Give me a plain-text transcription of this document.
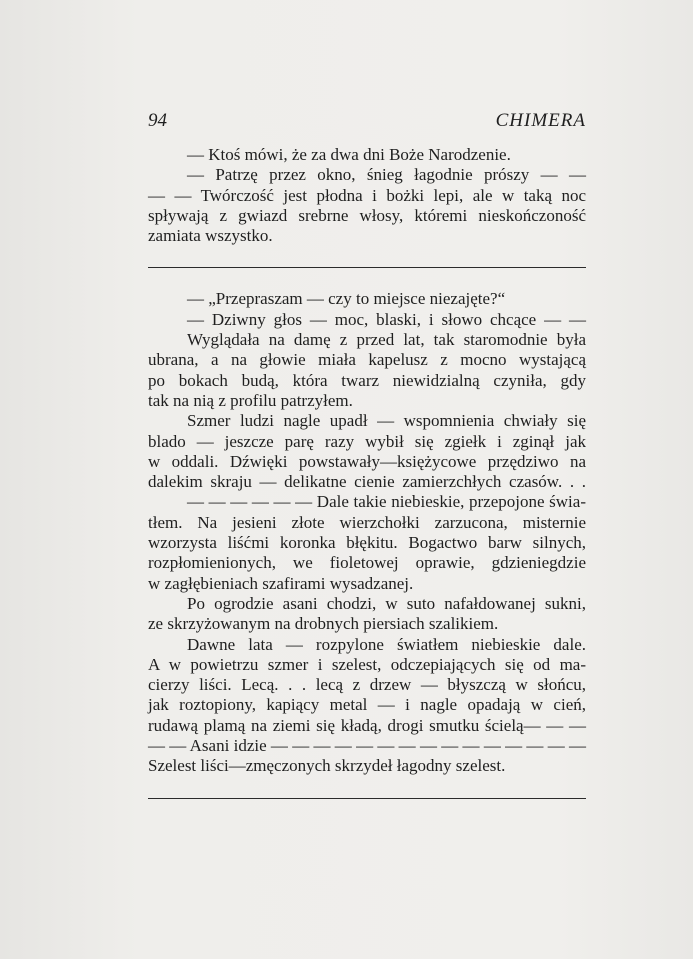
94	CHIMERA
— Ktoś mówi, że za dwa dni Boże Narodzenie.
— Patrzę przez okno, śnieg łagodnie prószy — —
— — Twórczość jest płodna i bożki lepi, ale w taką noc
spływają z gwiazd srebrne włosy, któremi nieskończoność
zamiata wszystko.
— „Przepraszam — czy to miejsce niezajęte?“
— Dziwny głos — moc, blaski, i słowo chcące — —
Wyglądała na damę z przed lat, tak staromodnie była
ubrana, a na głowie miała kapelusz z mocno wystającą
po bokach budą, która twarz niewidzialną czyniła, gdy
tak na nią z profilu patrzyłem.
Szmer ludzi nagle upadł — wspomnienia chwiały się
blado — jeszcze parę razy wybił się zgiełk i zginął jak
w oddali. Dźwięki powstawały—księżycowe przędziwo na
dalekim skraju — delikatne cienie zamierzchłych czasów. . .
— — — — — — Dale takie niebieskie, przepojone świa-
tłem. Na jesieni złote wierzchołki zarzucona, misternie
wzorzysta liśćmi koronka błękitu. Bogactwo barw silnych,
rozpłomienionych, we fioletowej oprawie, gdzieniegdzie
w zagłębieniach szafirami wysadzanej.
Po ogrodzie asani chodzi, w suto nafałdowanej sukni,
ze skrzyżowanym na drobnych piersiach szalikiem.
Dawne lata — rozpylone światłem niebieskie dale.
A w powietrzu szmer i szelest, odczepiających się od ma-
cierzy liści. Lecą. . . lecą z drzew — błyszczą w słońcu,
jak roztopiony, kapiący metal — i nagle opadają w cień,
rudawą plamą na ziemi się kładą, drogi smutku ścielą— — —
— — Asani idzie — — — — — — — — — — — — — — —
Szelest liści—zmęczonych skrzydeł łagodny szelest.
